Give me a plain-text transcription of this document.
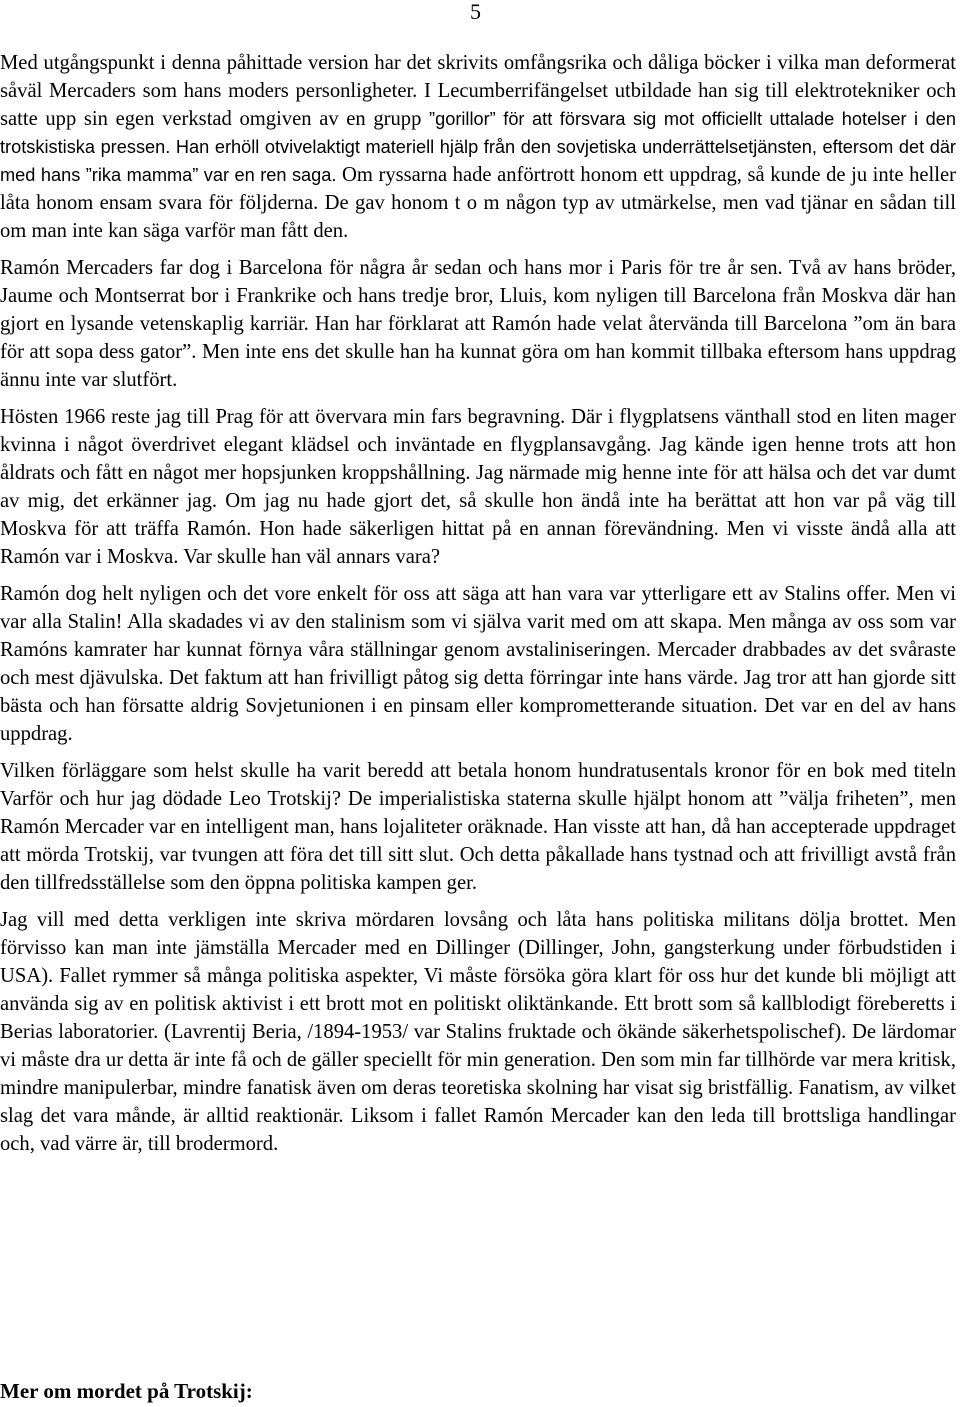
5

Med utgångspunkt i denna påhittade version har det skrivits omfångsrika och dåliga böcker i vilka man deformerat såväl Mercaders som hans moders personligheter. I Lecumberrifängelset utbildade han sig till elektrotekniker och satte upp sin egen verkstad omgiven av en grupp ”gorillor” för att försvara sig mot officiellt uttalade hotelser i den trotskistiska pressen. Han erhöll otvivelaktigt materiell hjälp från den sovjetiska underrättelsetjänsten, eftersom det där med hans ”rika mamma” var en ren saga. Om ryssarna hade anförtrott honom ett uppdrag, så kunde de ju inte heller låta honom ensam svara för följderna. De gav honom t o m någon typ av utmärkelse, men vad tjänar en sådan till om man inte kan säga varför man fått den.

Ramón Mercaders far dog i Barcelona för några år sedan och hans mor i Paris för tre år sen. Två av hans bröder, Jaume och Montserrat bor i Frankrike och hans tredje bror, Lluis, kom nyligen till Barcelona från Moskva där han gjort en lysande vetenskaplig karriär. Han har förklarat att Ramón hade velat återvända till Barcelona ”om än bara för att sopa dess gator”. Men inte ens det skulle han ha kunnat göra om han kommit tillbaka eftersom hans uppdrag ännu inte var slutfört.

Hösten 1966 reste jag till Prag för att övervara min fars begravning. Där i flygplatsens vänthall stod en liten mager kvinna i något överdrivet elegant klädsel och inväntade en flygplansavgång. Jag kände igen henne trots att hon åldrats och fått en något mer hopsjunken kroppshållning. Jag närmade mig henne inte för att hälsa och det var dumt av mig, det erkänner jag. Om jag nu hade gjort det, så skulle hon ändå inte ha berättat att hon var på väg till Moskva för att träffa Ramón. Hon hade säkerligen hittat på en annan förevändning. Men vi visste ändå alla att Ramón var i Moskva. Var skulle han väl annars vara?

Ramón dog helt nyligen och det vore enkelt för oss att säga att han vara var ytterligare ett av Stalins offer. Men vi var alla Stalin! Alla skadades vi av den stalinism som vi själva varit med om att skapa. Men många av oss som var Ramóns kamrater har kunnat förnya våra ställningar genom avstaliniseringen. Mercader drabbades av det svåraste och mest djävulska. Det faktum att han frivilligt påtog sig detta förringar inte hans värde. Jag tror att han gjorde sitt bästa och han försatte aldrig Sovjetunionen i en pinsam eller komprometterande situation. Det var en del av hans uppdrag.

Vilken förläggare som helst skulle ha varit beredd att betala honom hundratusentals kronor för en bok med titeln Varför och hur jag dödade Leo Trotskij? De imperialistiska staterna skulle hjälpt honom att ”välja friheten”, men Ramón Mercader var en intelligent man, hans lojaliteter oräknade. Han visste att han, då han accepterade uppdraget att mörda Trotskij, var tvungen att föra det till sitt slut. Och detta påkallade hans tystnad och att frivilligt avstå från den tillfredsställelse som den öppna politiska kampen ger.

Jag vill med detta verkligen inte skriva mördaren lovsång och låta hans politiska militans dölja brottet. Men förvisso kan man inte jämställa Mercader med en Dillinger (Dillinger, John, gangsterkung under förbudstiden i USA). Fallet rymmer så många politiska aspekter, Vi måste försöka göra klart för oss hur det kunde bli möjligt att använda sig av en politisk aktivist i ett brott mot en politiskt oliktänkande. Ett brott som så kallblodigt föreberetts i Berias laboratorier. (Lavrentij Beria, /1894-1953/ var Stalins fruktade och ökände säkerhetspolischef). De lärdomar vi måste dra ur detta är inte få och de gäller speciellt för min generation. Den som min far tillhörde var mera kritisk, mindre manipulerbar, mindre fanatisk även om deras teoretiska skolning har visat sig bristfällig. Fanatism, av vilket slag det vara månde, är alltid reaktionär. Liksom i fallet Ramón Mercader kan den leda till brottsliga handlingar och, vad värre är, till brodermord.

Mer om mordet på Trotskij:
